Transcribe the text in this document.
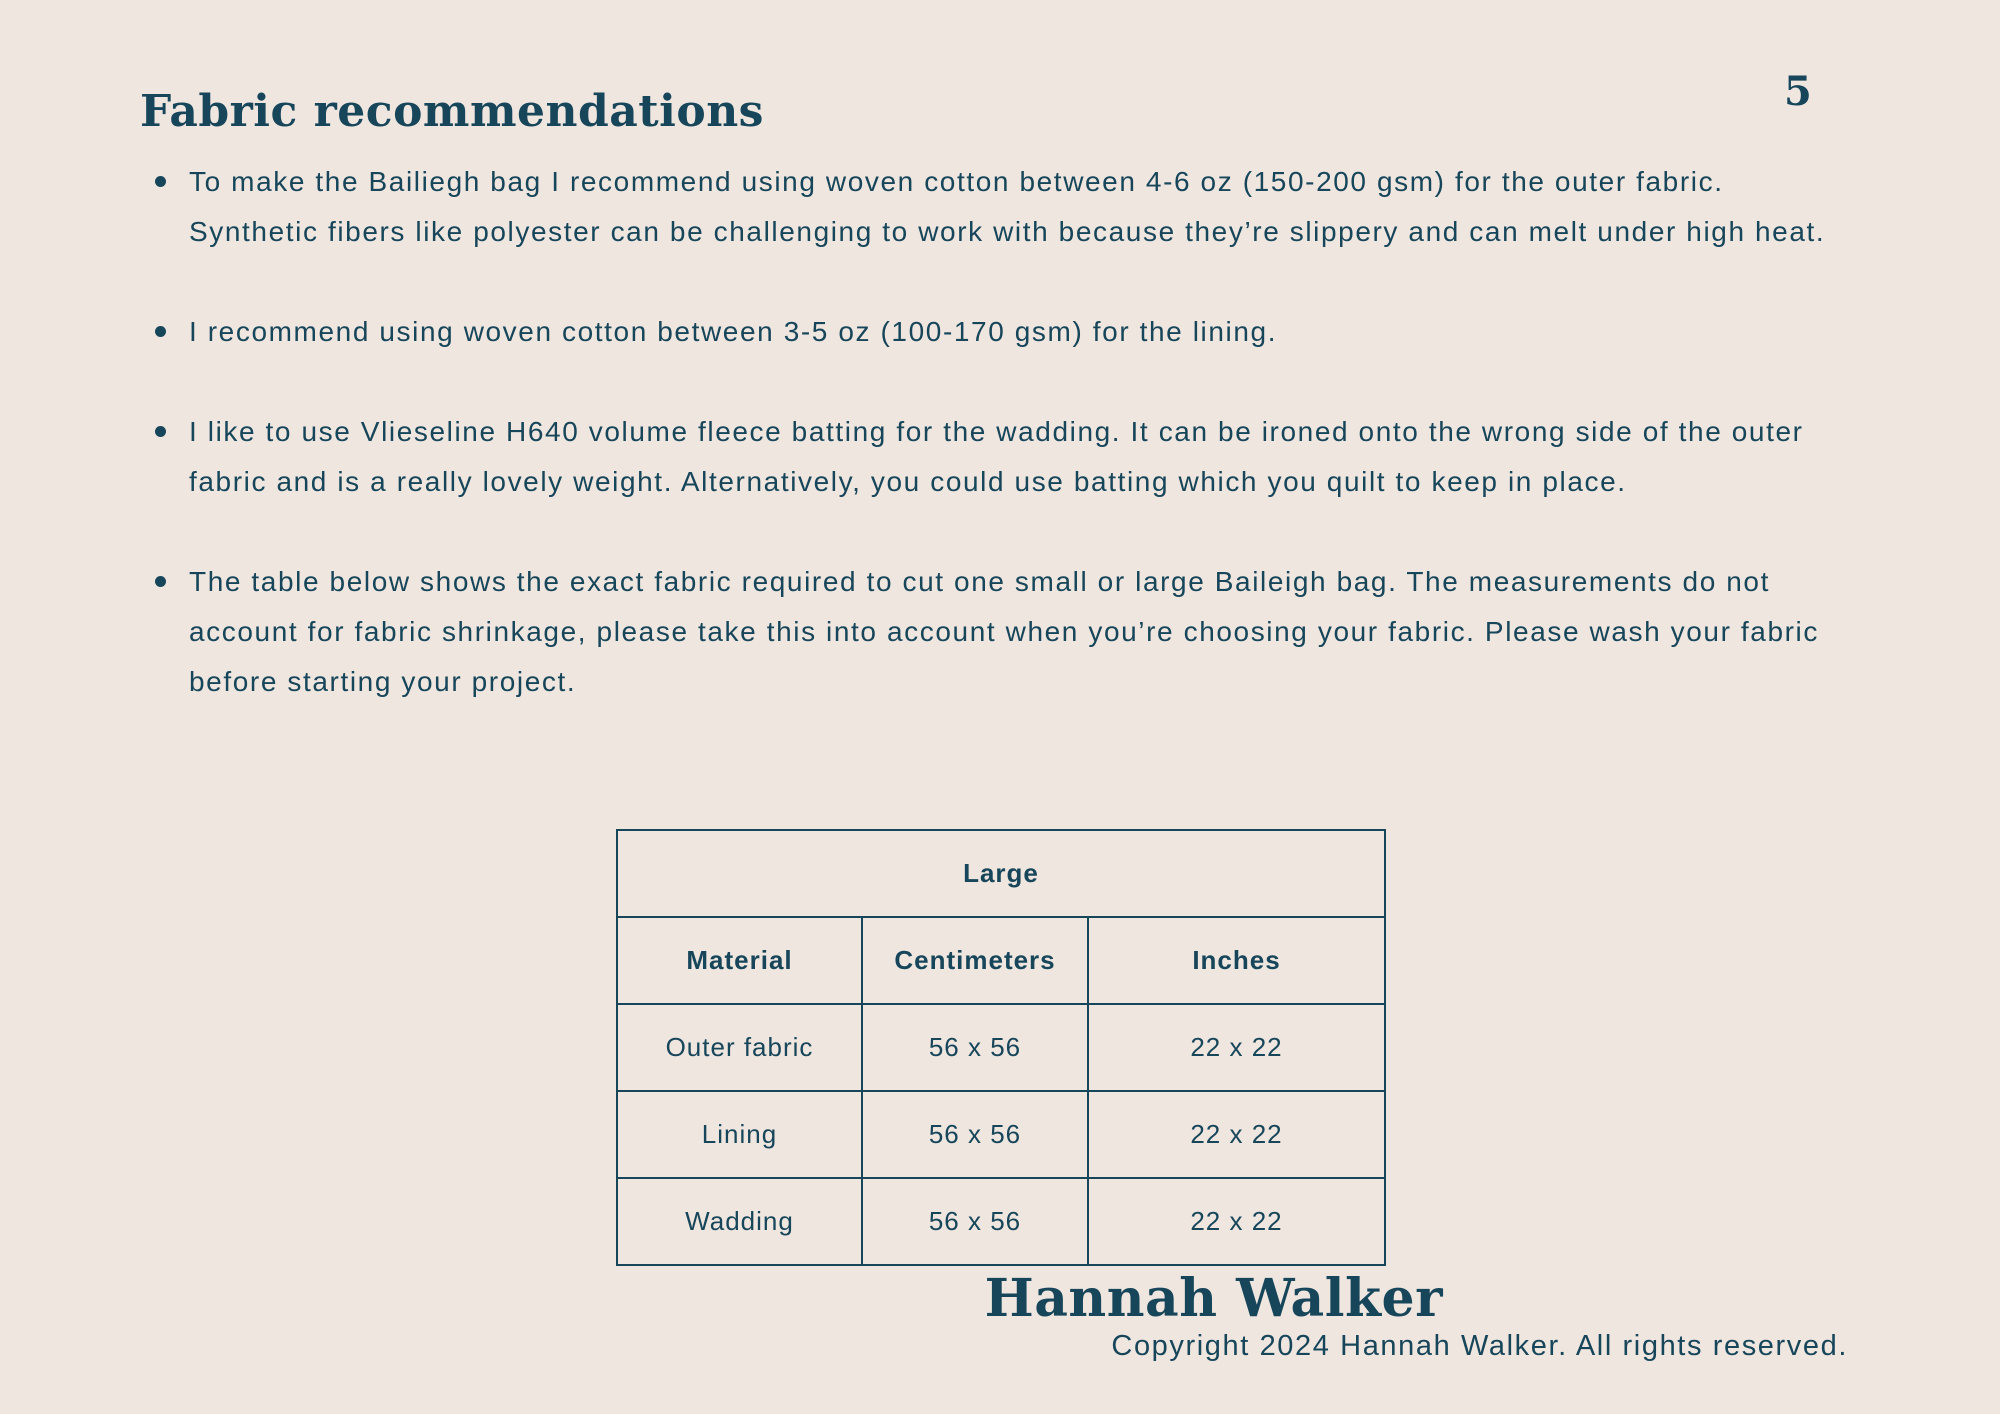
5
Fabric recommendations
To make the Bailiegh bag I recommend using woven cotton between 4-6 oz (150-200 gsm) for the outer fabric. Synthetic fibers like polyester can be challenging to work with because they’re slippery and can melt under high heat.
I recommend using woven cotton between 3-5 oz (100-170 gsm) for the lining.
I like to use Vlieseline H640 volume fleece batting for the wadding. It can be ironed onto the wrong side of the outer fabric and is a really lovely weight. Alternatively, you could use batting which you quilt to keep in place.
The table below shows the exact fabric required to cut one small or large Baileigh bag. The measurements do not account for fabric shrinkage, please take this into account when you’re choosing your fabric. Please wash your fabric before starting your project.
Large		
Material	Centimeters	Inches
Outer fabric	56 x 56	22 x 22
Lining	56 x 56	22 x 22
Wadding	56 x 56	22 x 22
Hannah Walker
Copyright 2024 Hannah Walker. All rights reserved.
